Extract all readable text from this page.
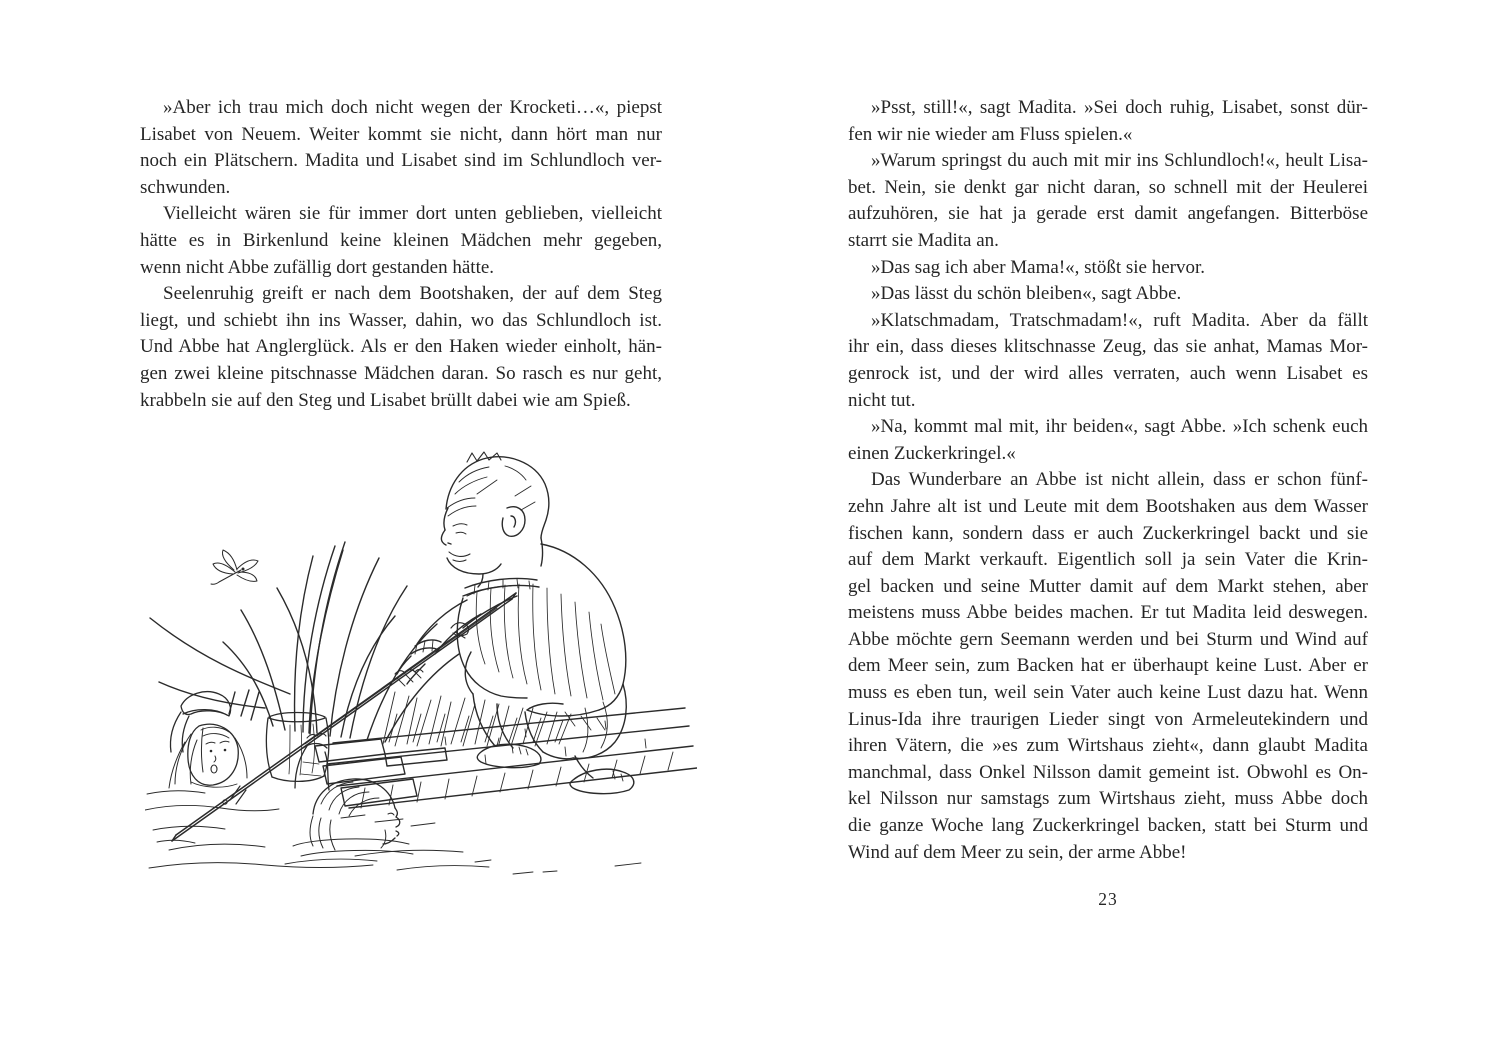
»Aber ich trau mich doch nicht wegen der Krocketi…«, piepst
Lisabet von Neuem. Weiter kommt sie nicht, dann hört man nur
noch ein Plätschern. Madita und Lisabet sind im Schlundloch ver-
schwunden.
Vielleicht wären sie für immer dort unten geblieben, vielleicht
hätte es in Birkenlund keine kleinen Mädchen mehr gegeben,
wenn nicht Abbe zufällig dort gestanden hätte.
Seelenruhig greift er nach dem Bootshaken, der auf dem Steg
liegt, und schiebt ihn ins Wasser, dahin, wo das Schlundloch ist.
Und Abbe hat Anglerglück. Als er den Haken wieder einholt, hän-
gen zwei kleine pitschnasse Mädchen daran. So rasch es nur geht,
krabbeln sie auf den Steg und Lisabet brüllt dabei wie am Spieß.
»Psst, still!«, sagt Madita. »Sei doch ruhig, Lisabet, sonst dür-
fen wir nie wieder am Fluss spielen.«
»Warum springst du auch mit mir ins Schlundloch!«, heult Lisa-
bet. Nein, sie denkt gar nicht daran, so schnell mit der Heulerei
aufzuhören, sie hat ja gerade erst damit angefangen. Bitterböse
starrt sie Madita an.
»Das sag ich aber Mama!«, stößt sie hervor.
»Das lässt du schön bleiben«, sagt Abbe.
»Klatschmadam, Tratschmadam!«, ruft Madita. Aber da fällt
ihr ein, dass dieses klitschnasse Zeug, das sie anhat, Mamas Mor-
genrock ist, und der wird alles verraten, auch wenn Lisabet es
nicht tut.
»Na, kommt mal mit, ihr beiden«, sagt Abbe. »Ich schenk euch
einen Zuckerkringel.«
Das Wunderbare an Abbe ist nicht allein, dass er schon fünf-
zehn Jahre alt ist und Leute mit dem Bootshaken aus dem Wasser
fischen kann, sondern dass er auch Zuckerkringel backt und sie
auf dem Markt verkauft. Eigentlich soll ja sein Vater die Krin-
gel backen und seine Mutter damit auf dem Markt stehen, aber
meistens muss Abbe beides machen. Er tut Madita leid deswegen.
Abbe möchte gern Seemann werden und bei Sturm und Wind auf
dem Meer sein, zum Backen hat er überhaupt keine Lust. Aber er
muss es eben tun, weil sein Vater auch keine Lust dazu hat. Wenn
Linus-Ida ihre traurigen Lieder singt von Armeleutekindern und
ihren Vätern, die »es zum Wirtshaus zieht«, dann glaubt Madita
manchmal, dass Onkel Nilsson damit gemeint ist. Obwohl es On-
kel Nilsson nur samstags zum Wirtshaus zieht, muss Abbe doch
die ganze Woche lang Zuckerkringel backen, statt bei Sturm und
Wind auf dem Meer zu sein, der arme Abbe!
23
